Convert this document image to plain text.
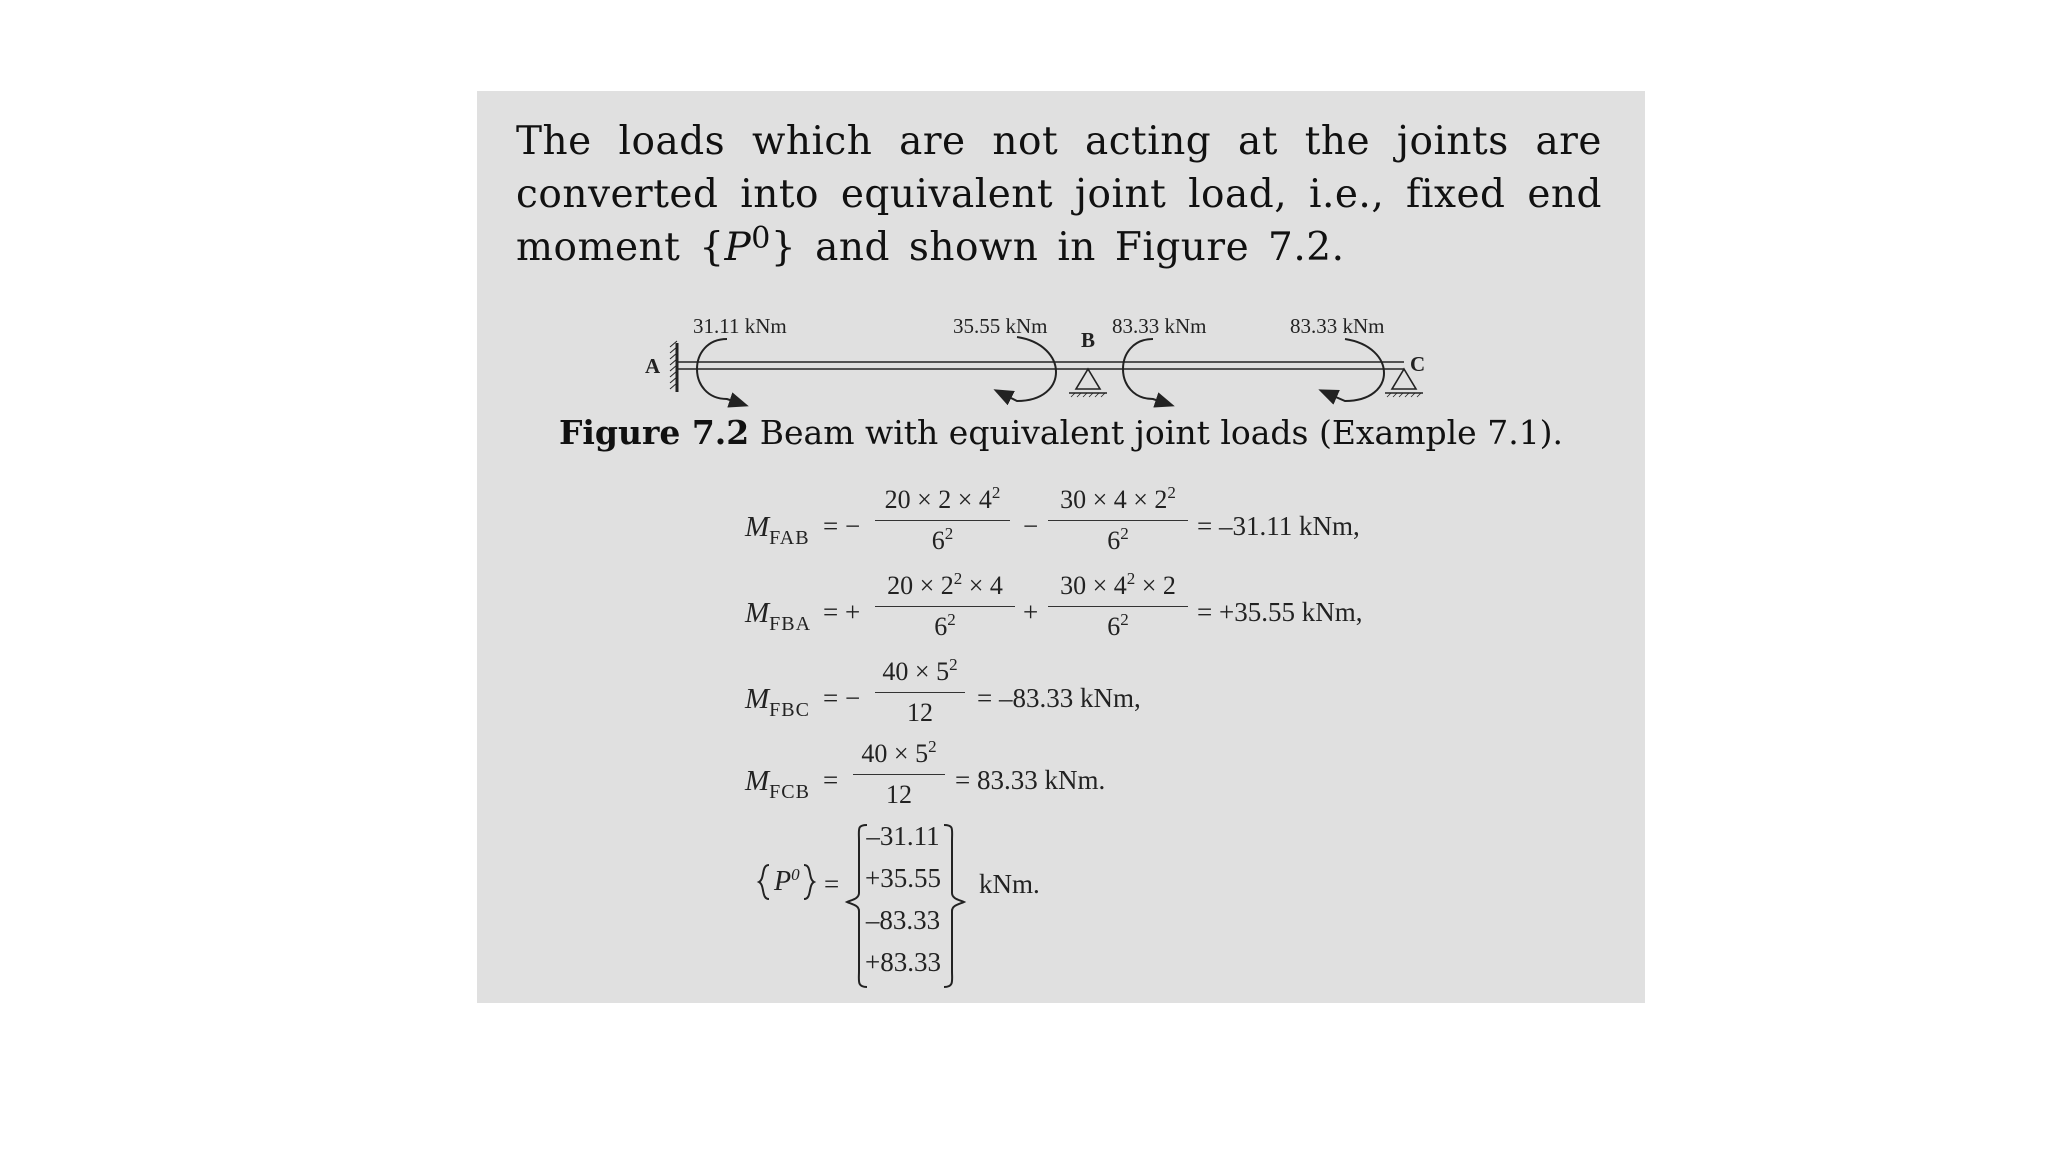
The loads which are not acting at the joints are converted into equivalent joint load, i.e., fixed end moment $\{P^0\}$ and shown in Figure 7.2.
A
B
C
31.11 kNm	35.55 kNm	83.33 kNm	83.33 kNm
Figure 7.2 Beam with equivalent joint loads (Example 7.1).
$M_{FAB}$ = − $\frac{20 \times 2 \times 4^2}{6^2} - \frac{30 \times 4 \times 2^2}{6^2} = -31.11$ kNm,
$M_{FBA}$ = + $\frac{20 \times 2^2 \times 4}{6^2} + \frac{30 \times 4^2 \times 2}{6^2} = +35.55$ kNm,
$M_{FBC}$ = − $\frac{40 \times 5^2}{12} = -83.33$ kNm,
$M_{FCB} = \frac{40 \times 5^2}{12} = 83.33$ kNm.
$P^0$ =
–31.11
+35.55
–83.33
+83.33
kNm.
